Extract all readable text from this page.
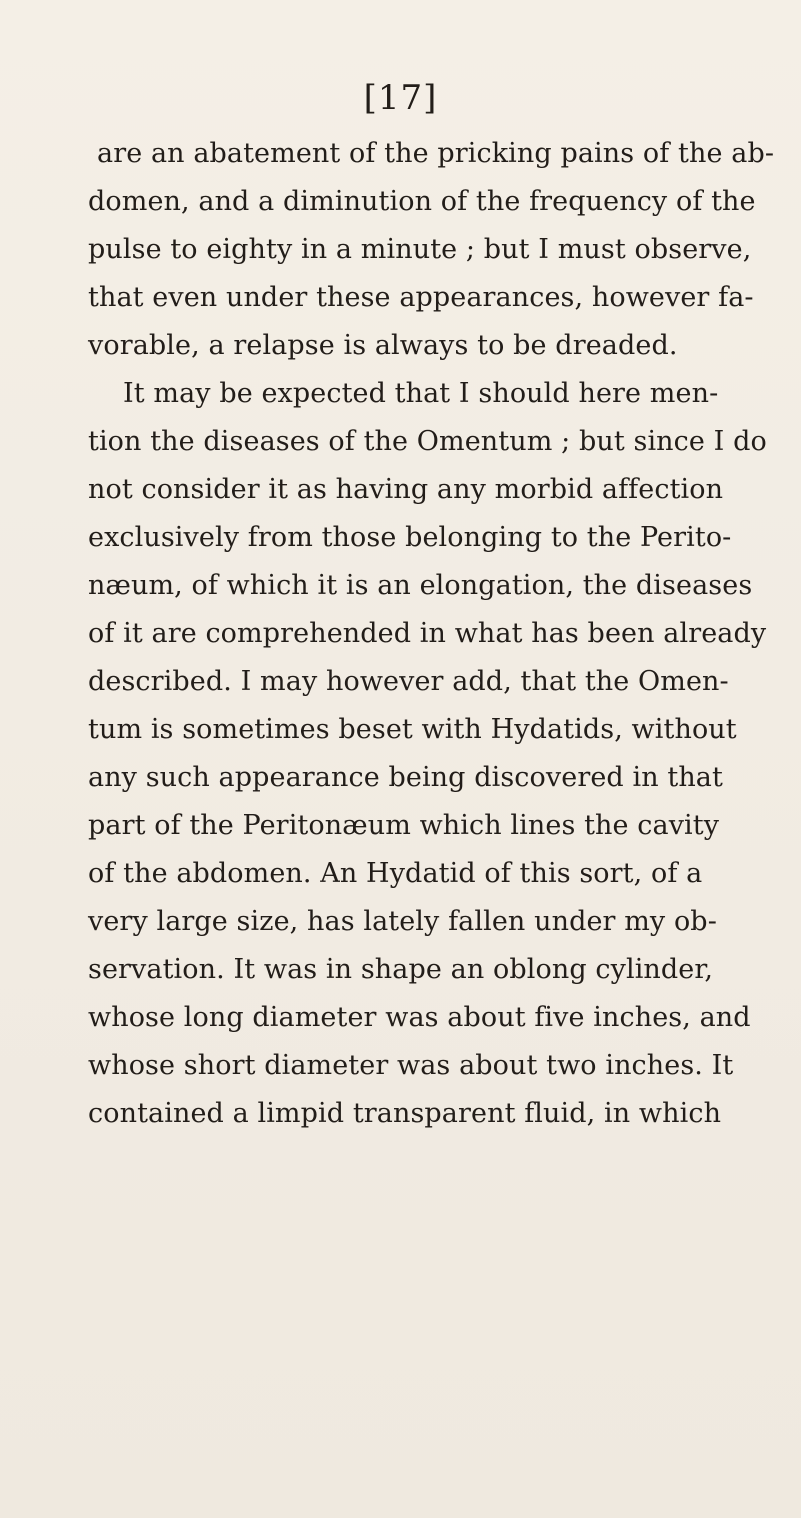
[17]
are an abatement of the pricking pains of the ab-
domen, and a diminution of the frequency of the
pulse to eighty in a minute ; but I must observe,
that even under these appearances, however fa-
vorable, a relapse is always to be dreaded.
It may be expected that I should here men-
tion the diseases of the Omentum ; but since I do
not consider it as having any morbid affection
exclusively from those belonging to the Perito-
næum, of which it is an elongation, the diseases
of it are comprehended in what has been already
described. I may however add, that the Omen-
tum is sometimes beset with Hydatids, without
any such appearance being discovered in that
part of the Peritonæum which lines the cavity
of the abdomen. An Hydatid of this sort, of a
very large size, has lately fallen under my ob-
servation. It was in shape an oblong cylinder,
whose long diameter was about five inches, and
whose short diameter was about two inches. It
contained a limpid transparent fluid, in which
